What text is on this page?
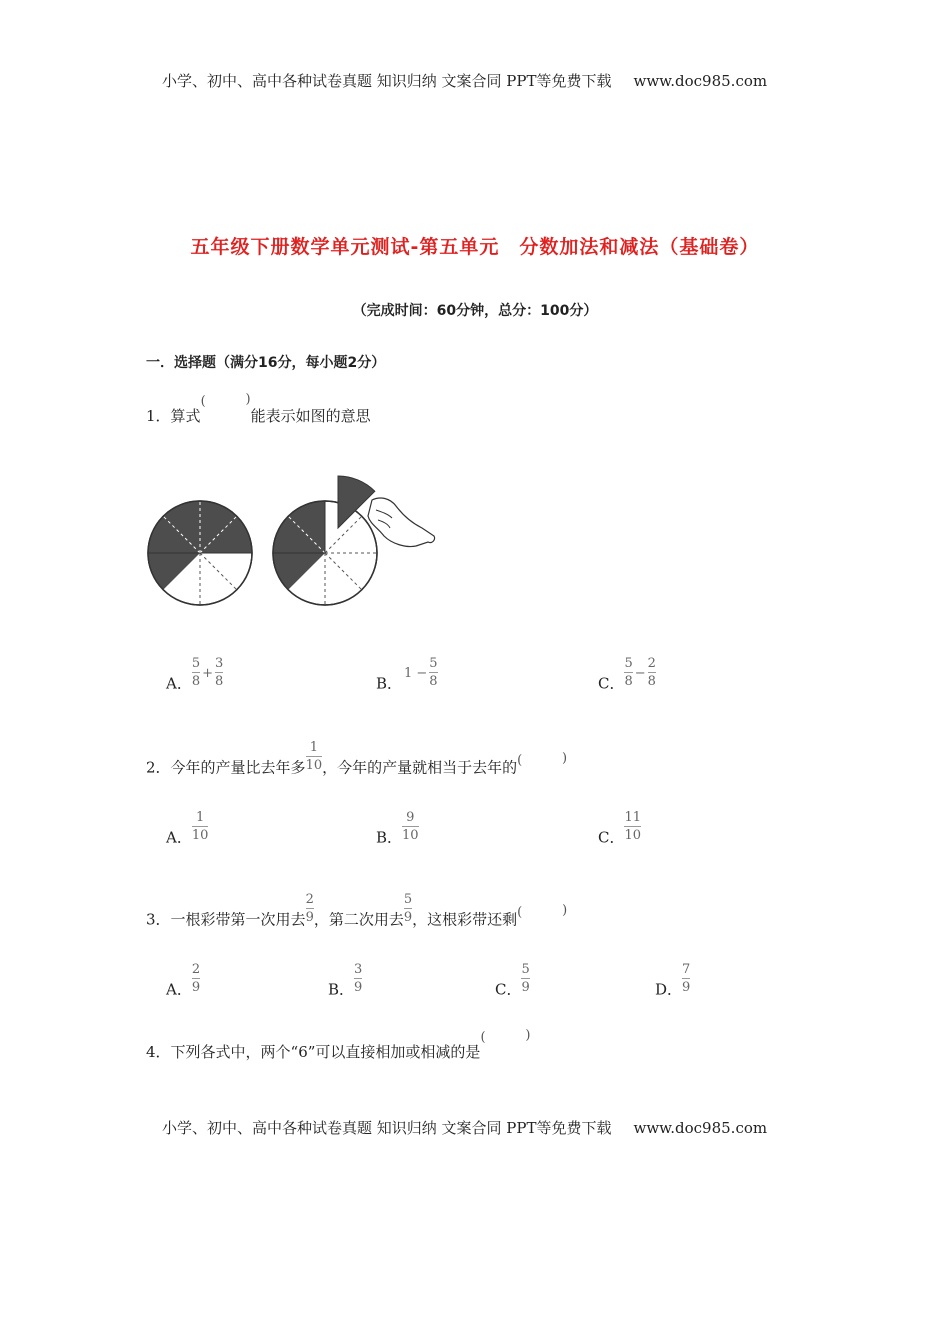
小学、初中、高中各种试卷真题 知识归纳 文案合同 PPT等免费下载 www.doc985.com
五年级下册数学单元测试-第五单元　分数加法和减法（基础卷）
（完成时间：60分钟，总分：100分）
一．选择题（满分16分，每小题2分）
1．算式( )	能表示如图的意思
A． $\frac{5}{8} + \frac{3}{8}$	B．$1 - \frac{5}{8}$	C． $\frac{5}{8} - \frac{2}{8}$
2．今年的产量比去年多 $\frac{1}{10}$ ，今年的产量就相当于去年的( )
A． $\frac{1}{10}$	B． $\frac{9}{10}$	C． $\frac{11}{10}$
3．一根彩带第一次用去 $\frac{2}{9}$ ，第二次用去 $\frac{5}{9}$ ，这根彩带还剩( )
A． $\frac{2}{9}$	B． $\frac{3}{9}$	C． $\frac{5}{9}$	D． $\frac{7}{9}$
4．下列各式中，两个“6”可以直接相加或相减的是( )
小学、初中、高中各种试卷真题 知识归纳 文案合同 PPT等免费下载 www.doc985.com
